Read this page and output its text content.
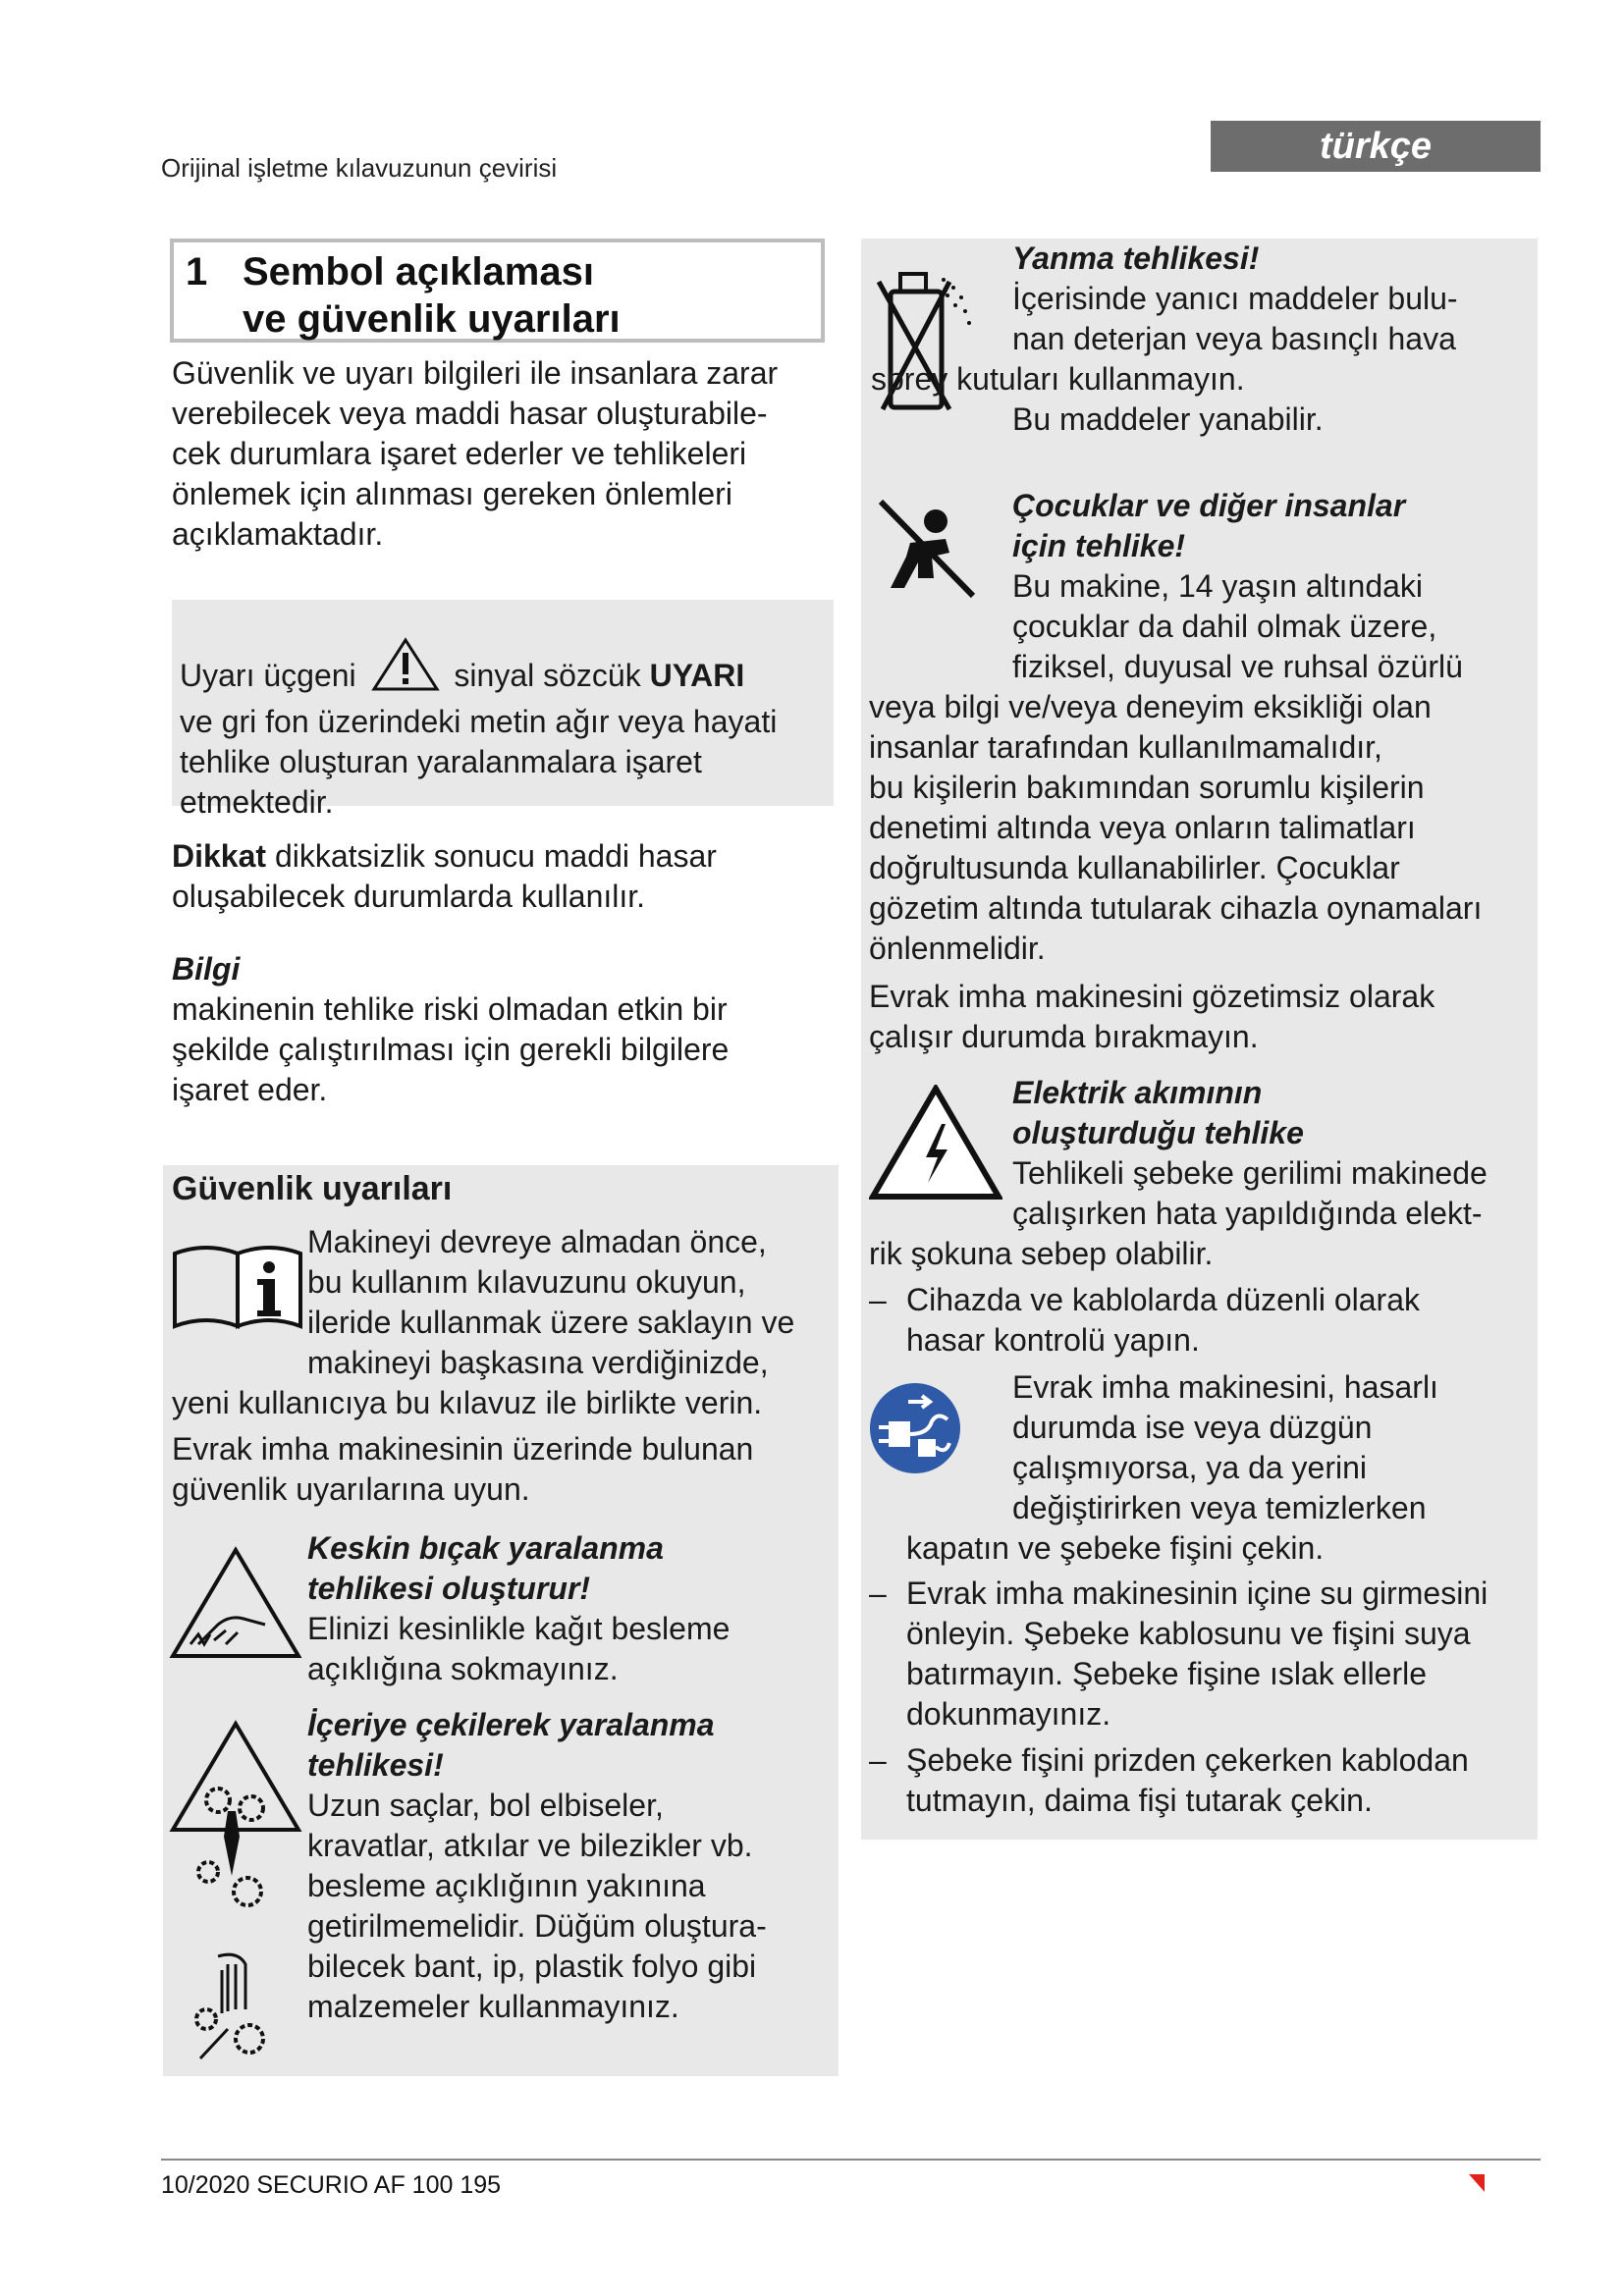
Orijinal işletme kılavuzunun çevirisi
türkçe
1 Sembol açıklaması
ve güvenlik uyarıları

Güvenlik ve uyarı bilgileri ile insanlara zarar

verebilecek veya maddi hasar oluşturabile-

cek durumlara işaret ederler ve tehlikeleri

önlemek için alınması gereken önlemleri

açıklamaktadır.

Uyarı üçgeni	sinyal sözcük UYARI

ve gri fon üzerindeki metin ağır veya hayati

tehlike oluşturan yaralanmalara işaret

etmektedir.

Dikkat dikkatsizlik sonucu maddi hasar

oluşabilecek durumlarda kullanılır.

Bilgi

makinenin tehlike riski olmadan etkin bir

şekilde çalıştırılması için gerekli bilgilere

işaret eder.

Güvenlik uyarıları

Makineyi devreye almadan önce,

bu kullanım kılavuzunu okuyun,

ileride kullanmak üzere saklayın ve

makineyi başkasına verdiğinizde,

yeni kullanıcıya bu kılavuz ile birlikte verin.

Evrak imha makinesinin üzerinde bulunan

güvenlik uyarılarına uyun.

Keskin bıçak yaralanma

tehlikesi oluşturur!

Elinizi kesinlikle kağıt besleme

açıklığına sokmayınız.

İçeriye çekilerek yaralanma

tehlikesi!

Uzun saçlar, bol elbiseler,

kravatlar, atkılar ve bilezikler vb.

besleme açıklığının yakınına

getirilmemelidir. Düğüm oluştura-

bilecek bant, ip, plastik folyo gibi

malzemeler kullanmayınız.

Yanma tehlikesi!

İçerisinde yanıcı maddeler bulu-

nan deterjan veya basınçlı hava

sprey kutuları kullanmayın.

Bu maddeler yanabilir.

Çocuklar ve diğer insanlar

için tehlike!

Bu makine, 14 yaşın altındaki

çocuklar da dahil olmak üzere,

fiziksel, duyusal ve ruhsal özürlü

veya bilgi ve/veya deneyim eksikliği olan

insanlar tarafından kullanılmamalıdır,

bu kişilerin bakımından sorumlu kişilerin

denetimi altında veya onların talimatları

doğrultusunda kullanabilirler. Çocuklar

gözetim altında tutularak cihazla oynamaları

önlenmelidir.

Evrak imha makinesini gözetimsiz olarak

çalışır durumda bırakmayın.

Elektrik akımının

oluşturduğu tehlike

Tehlikeli şebeke gerilimi makinede

çalışırken hata yapıldığında elekt-

rik şokuna sebep olabilir.

– Cihazda ve kablolarda düzenli olarak

hasar kontrolü yapın.

Evrak imha makinesini, hasarlı

durumda ise veya düzgün

çalışmıyorsa, ya da yerini

değiştirirken veya temizlerken

kapatın ve şebeke fişini çekin.

– Evrak imha makinesinin içine su girmesini

önleyin. Şebeke kablosunu ve fişini suya

batırmayın. Şebeke fişine ıslak ellerle

dokunmayınız.

– Şebeke fişini prizden çekerken kablodan

tutmayın, daima fişi tutarak çekin.

10/2020 SECURIO AF 100 195
